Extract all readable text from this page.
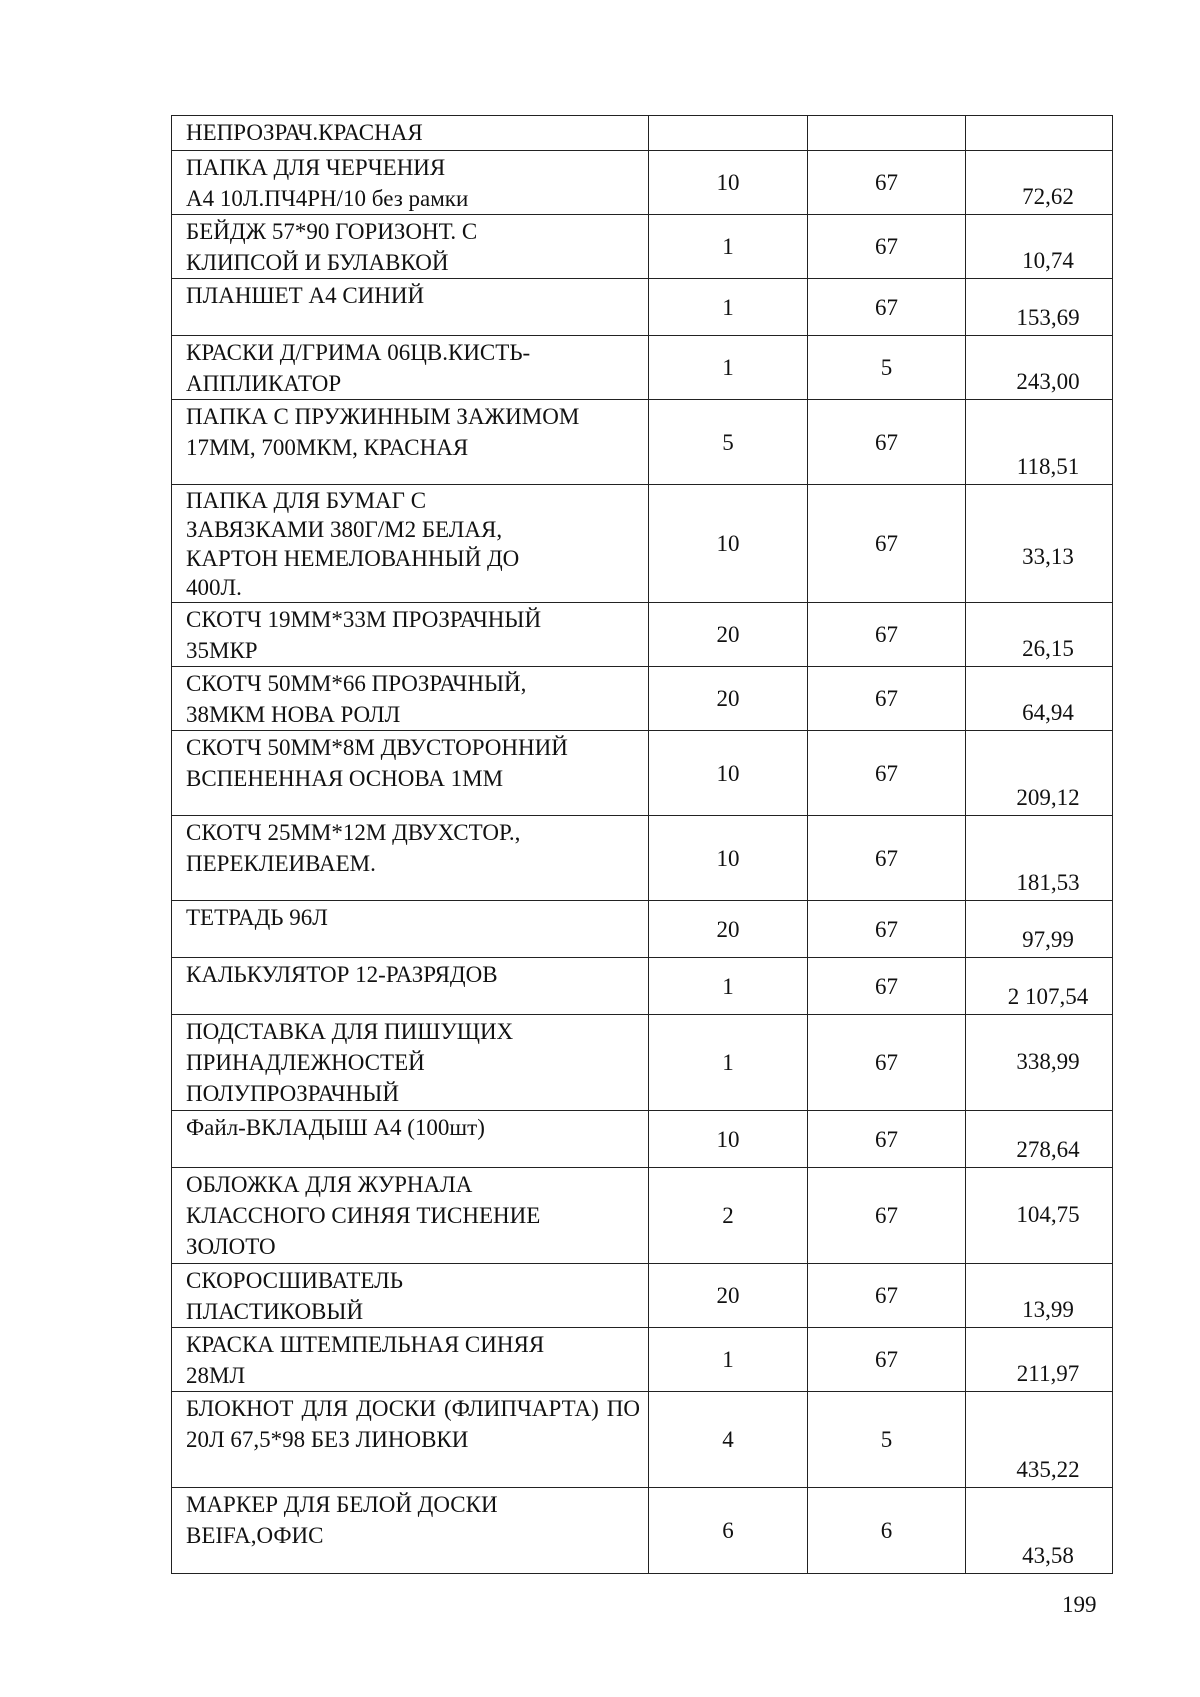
НЕПРОЗРАЧ.КРАСНАЯ			
ПАПКА ДЛЯ ЧЕРЧЕНИЯ
А4 10Л.ПЧ4РН/10 без рамки	10	67	72,62
БЕЙДЖ 57*90 ГОРИЗОНТ. С
КЛИПСОЙ И БУЛАВКОЙ	1	67	10,74
ПЛАНШЕТ А4 СИНИЙ	1	67	153,69
КРАСКИ Д/ГРИМА 06ЦВ.КИСТЬ-
АППЛИКАТОР	1	5	243,00
ПАПКА С ПРУЖИННЫМ ЗАЖИМОМ
17ММ, 700МКМ, КРАСНАЯ	5	67	118,51
ПАПКА ДЛЯ БУМАГ С
ЗАВЯЗКАМИ 380Г/М2 БЕЛАЯ,
КАРТОН НЕМЕЛОВАННЫЙ ДО
400Л.	10	67	33,13
СКОТЧ 19ММ*33М ПРОЗРАЧНЫЙ
35МКР	20	67	26,15
СКОТЧ 50ММ*66 ПРОЗРАЧНЫЙ,
38МКМ НОВА РОЛЛ	20	67	64,94
СКОТЧ 50ММ*8М ДВУСТОРОННИЙ
ВСПЕНЕННАЯ ОСНОВА 1ММ	10	67	209,12
СКОТЧ 25ММ*12М ДВУХСТОР.,
ПЕРЕКЛЕИВАЕМ.	10	67	181,53
ТЕТРАДЬ 96Л	20	67	97,99
КАЛЬКУЛЯТОР 12-РАЗРЯДОВ	1	67	2 107,54
ПОДСТАВКА ДЛЯ ПИШУЩИХ
ПРИНАДЛЕЖНОСТЕЙ
ПОЛУПРОЗРАЧНЫЙ	1	67	338,99
Файл-ВКЛАДЫШ А4 (100шт)	10	67	278,64
ОБЛОЖКА ДЛЯ ЖУРНАЛА
КЛАССНОГО СИНЯЯ ТИСНЕНИЕ
ЗОЛОТО	2	67	104,75
СКОРОСШИВАТЕЛЬ
ПЛАСТИКОВЫЙ	20	67	13,99
КРАСКА ШТЕМПЕЛЬНАЯ СИНЯЯ
28МЛ	1	67	211,97
БЛОКНОТ ДЛЯ ДОСКИ (ФЛИПЧАРТА) ПО 20Л 67,5*98 БЕЗ ЛИНОВКИ	4	5	435,22
МАРКЕР ДЛЯ БЕЛОЙ ДОСКИ
BEIFA,ОФИС	6	6	43,58
199
